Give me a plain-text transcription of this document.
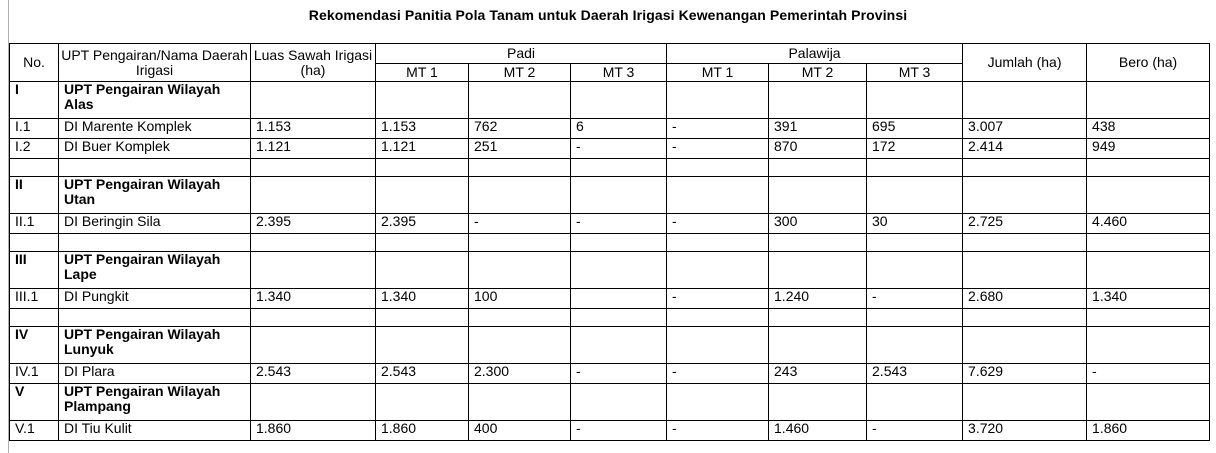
Rekomendasi Panitia Pola Tanam untuk Daerah Irigasi Kewenangan Pemerintah Provinsi
No.	UPT Pengairan/Nama Daerah Irigasi	Luas Sawah Irigasi (ha)	Padi			Palawija			Jumlah (ha)	Bero (ha)
			MT 1	MT 2	MT 3	MT 1	MT 2	MT 3		
I	UPT Pengairan Wilayah Alas									
I.1	DI Marente Komplek	1.153	1.153	762	6	-	391	695	3.007	438
I.2	DI Buer Komplek	1.121	1.121	251	-	-	870	172	2.414	949

II	UPT Pengairan Wilayah Utan									
II.1	DI Beringin Sila	2.395	2.395	-	-	-	300	30	2.725	4.460

III	UPT Pengairan Wilayah Lape									
III.1	DI Pungkit	1.340	1.340	100		-	1.240	-	2.680	1.340

IV	UPT Pengairan Wilayah Lunyuk									
IV.1	DI Plara	2.543	2.543	2.300	-	-	243	2.543	7.629	-
V	UPT Pengairan Wilayah Plampang									
V.1	DI Tiu Kulit	1.860	1.860	400	-	-	1.460	-	3.720	1.860
